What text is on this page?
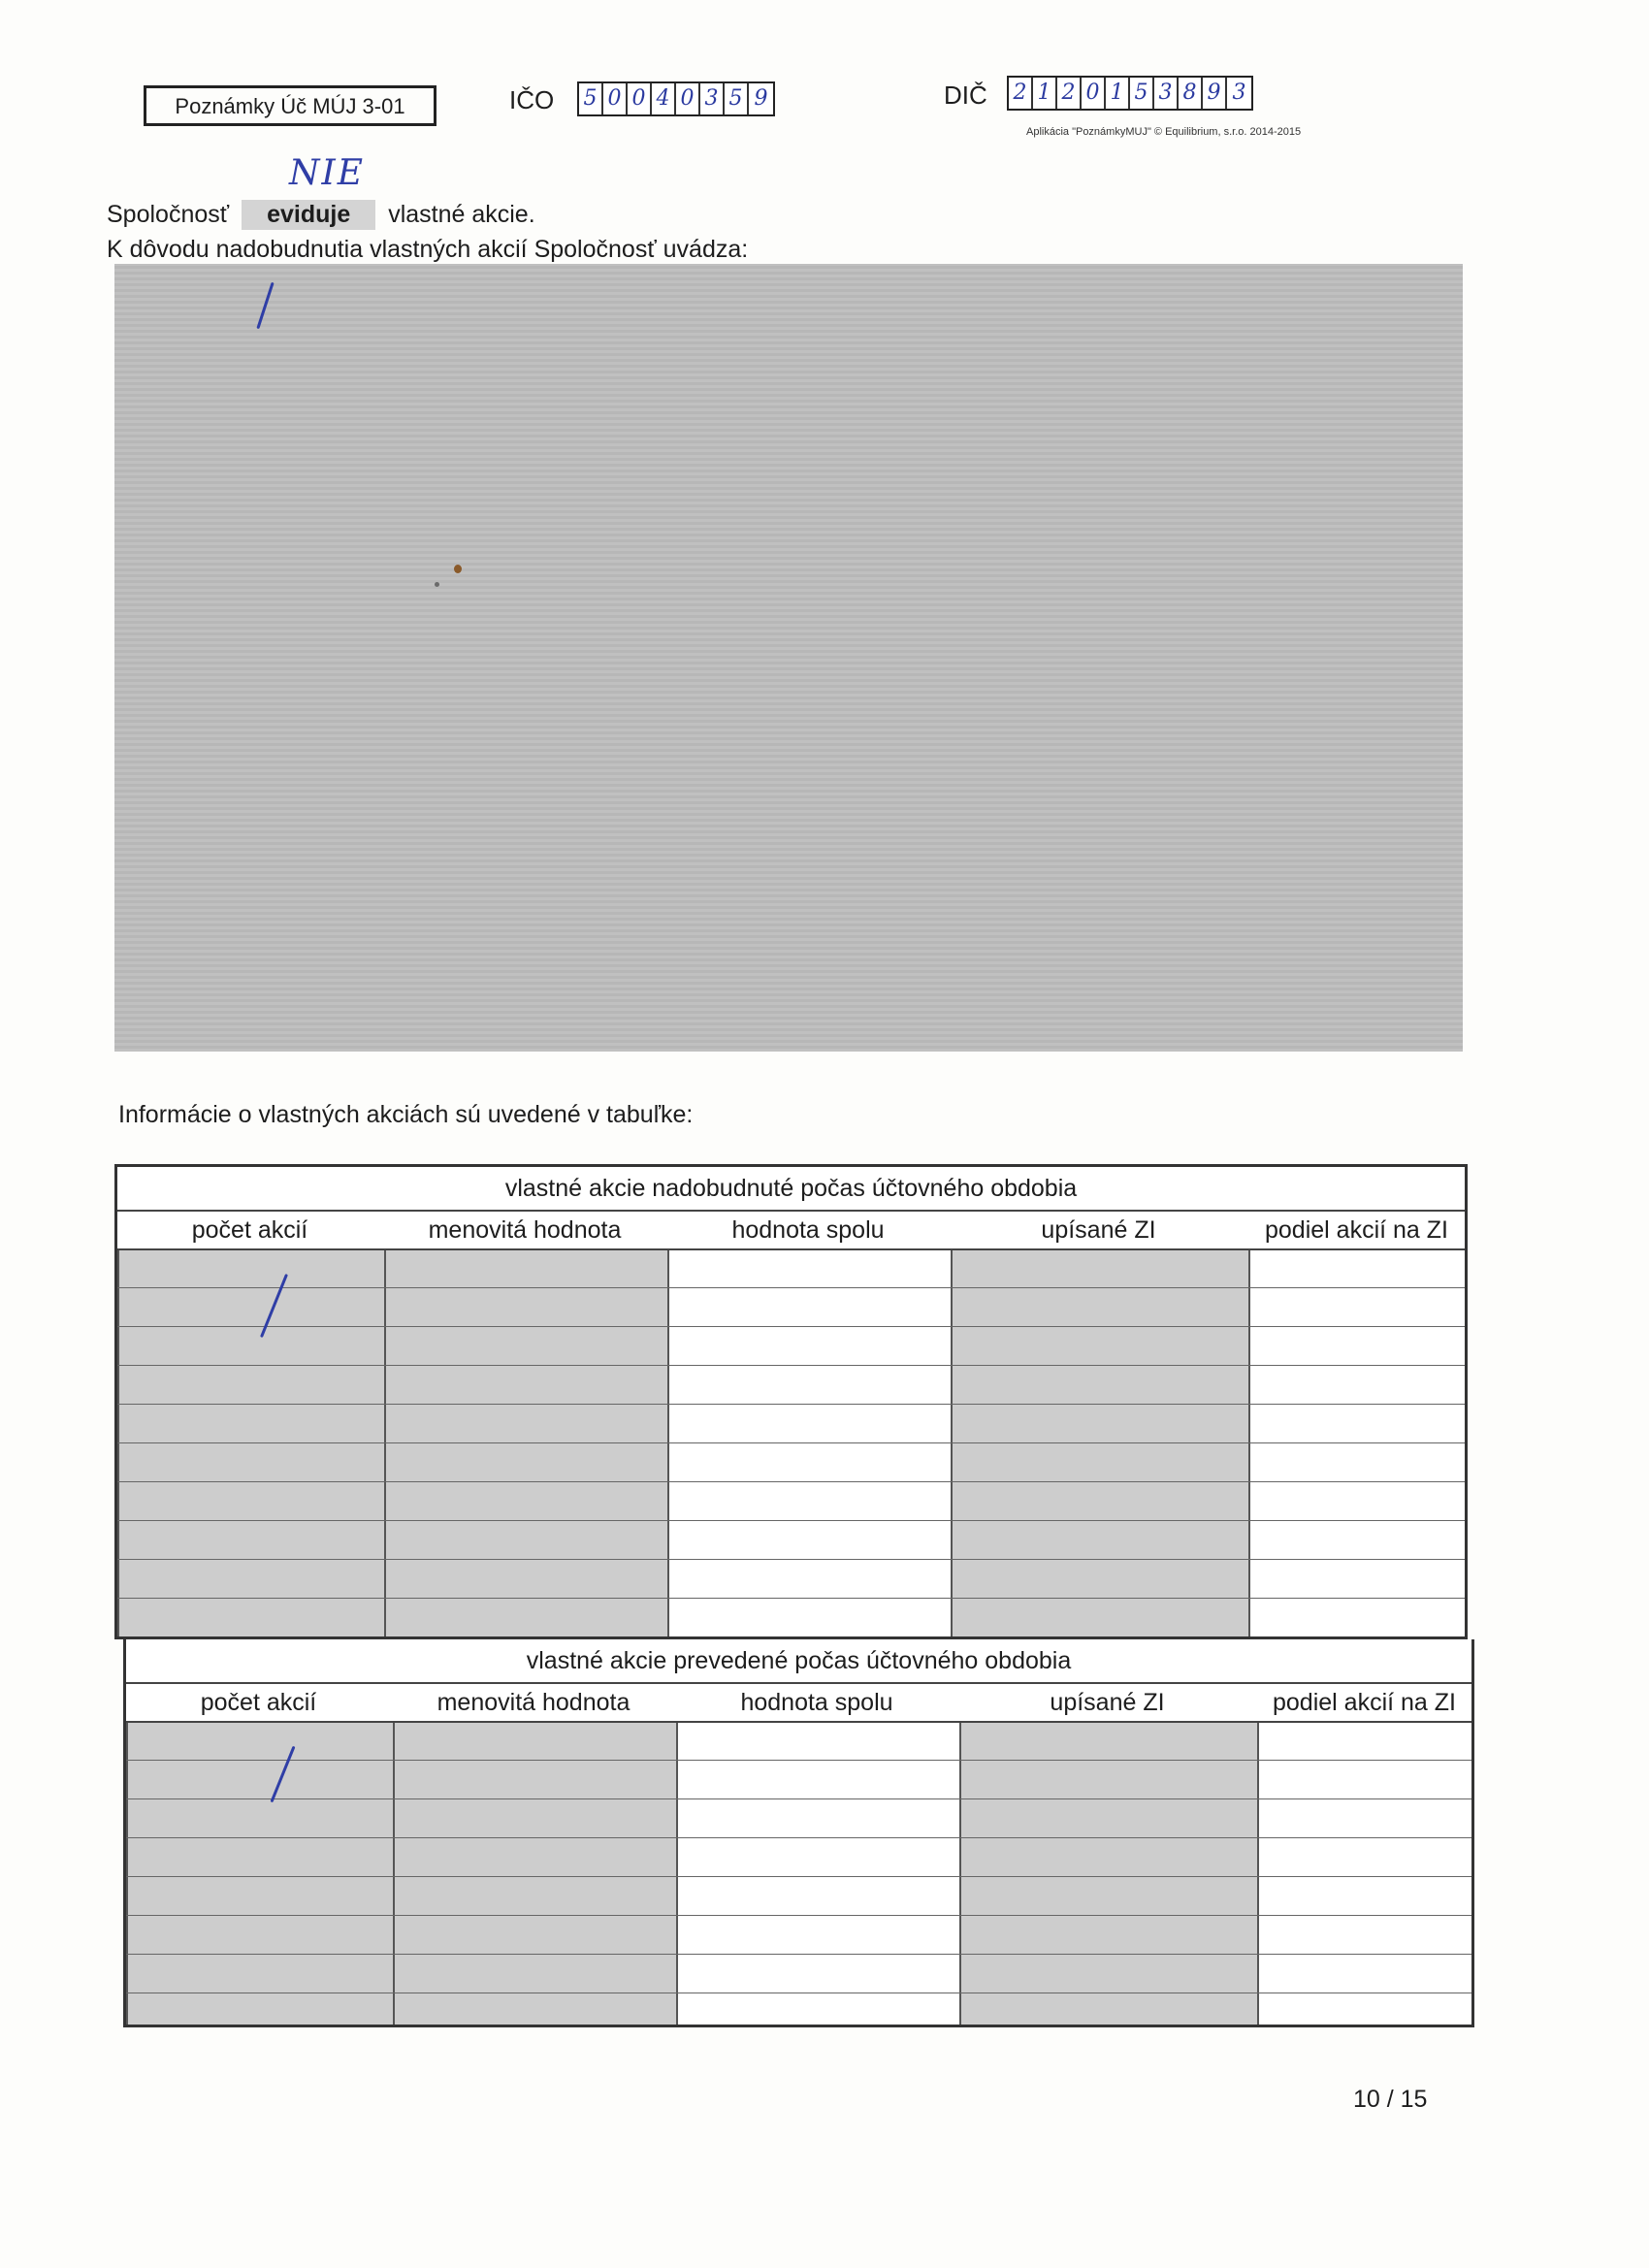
Poznámky Úč MÚJ 3-01	IČO 5 0 0 4 0 3 5 9	DIČ 2 1 2 0 1 5 3 8 9 3
Aplikácia "PoznámkyMUJ" © Equilibrium, s.r.o. 2014-2015
NIE
Spoločnosť eviduje vlastné akcie.
K dôvodu nadobudnutia vlastných akcií Spoločnosť uvádza:
Informácie o vlastných akciách sú uvedené v tabuľke:
vlastné akcie nadobudnuté počas účtovného obdobia
počet akcií	menovitá hodnota	hodnota spolu	upísané ZI	podiel akcií na ZI
vlastné akcie prevedené počas účtovného obdobia
počet akcií	menovitá hodnota	hodnota spolu	upísané ZI	podiel akcií na ZI
10 / 15
